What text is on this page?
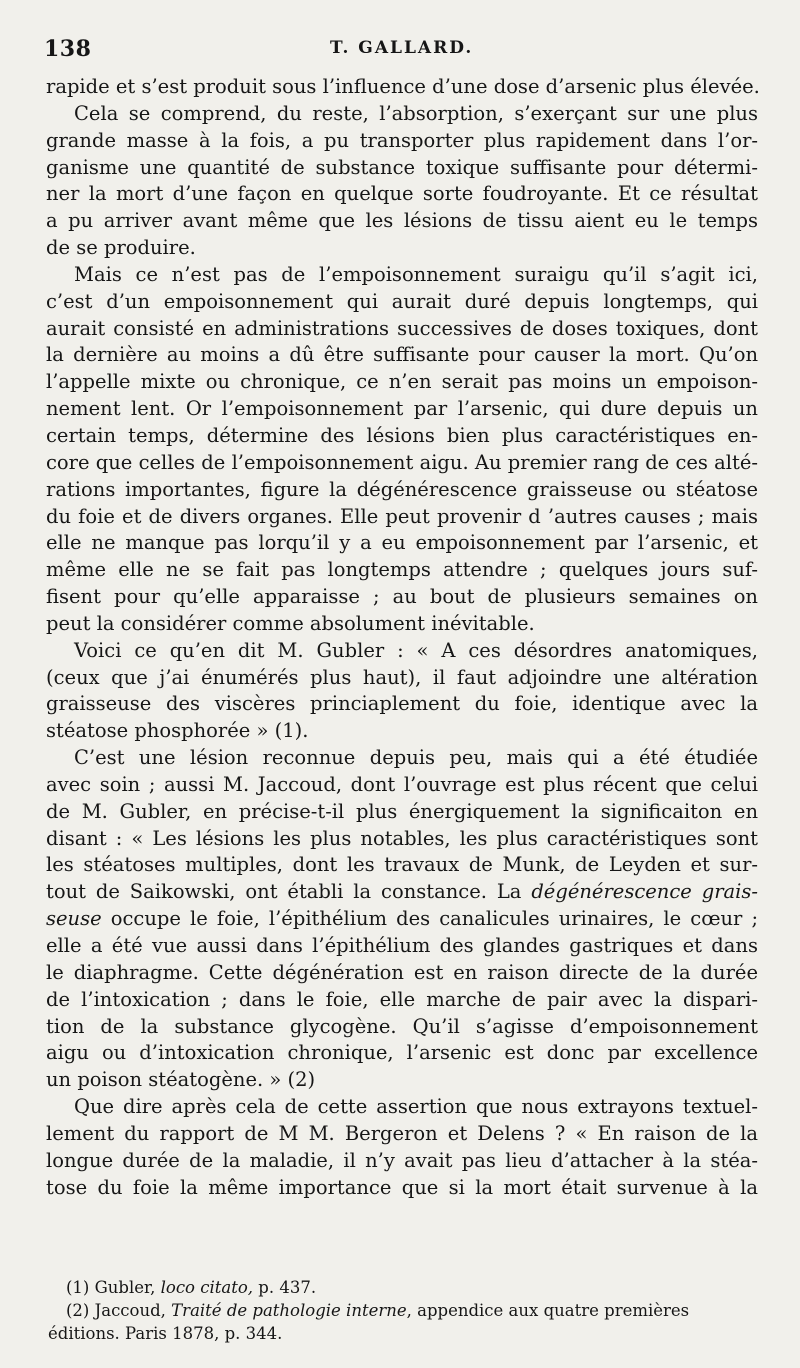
138	T. GALLARD.
rapide et s’est produit sous l’influence d’une dose d’arsenic plus élevée.
Cela se comprend, du reste, l’absorption, s’exerçant sur une plus
grande masse à la fois, a pu transporter plus rapidement dans l’or-
ganisme une quantité de substance toxique suffisante pour détermi-
ner la mort d’une façon en quelque sorte foudroyante. Et ce résultat
a pu arriver avant même que les lésions de tissu aient eu le temps
de se produire.
Mais ce n’est pas de l’empoisonnement suraigu qu’il s’agit ici,
c’est d’un empoisonnement qui aurait duré depuis longtemps, qui
aurait consisté en administrations successives de doses toxiques, dont
la dernière au moins a dû être suffisante pour causer la mort. Qu’on
l’appelle mixte ou chronique, ce n’en serait pas moins un empoison-
nement lent. Or l’empoisonnement par l’arsenic, qui dure depuis un
certain temps, détermine des lésions bien plus caractéristiques en-
core que celles de l’empoisonnement aigu. Au premier rang de ces alté-
rations importantes, figure la dégénérescence graisseuse ou stéatose
du foie et de divers organes. Elle peut provenir d ’autres causes ; mais
elle ne manque pas lorqu’il y a eu empoisonnement par l’arsenic, et
même elle ne se fait pas longtemps attendre ; quelques jours suf-
fisent pour qu’elle apparaisse ; au bout de plusieurs semaines on
peut la considérer comme absolument inévitable.
Voici ce qu’en dit M. Gubler : « A ces désordres anatomiques,
(ceux que j’ai énumérés plus haut), il faut adjoindre une altération
graisseuse des viscères princiaplement du foie, identique avec la
stéatose phosphorée » (1).
C’est une lésion reconnue depuis peu, mais qui a été étudiée
avec soin ; aussi M. Jaccoud, dont l’ouvrage est plus récent que celui
de M. Gubler, en précise-t-il plus énergiquement la significaiton en
disant : « Les lésions les plus notables, les plus caractéristiques sont
les stéatoses multiples, dont les travaux de Munk, de Leyden et sur-
tout de Saikowski, ont établi la constance. La dégénérescence grais-
seuse occupe le foie, l’épithélium des canalicules urinaires, le cœur ;
elle a été vue aussi dans l’épithélium des glandes gastriques et dans
le diaphragme. Cette dégénération est en raison directe de la durée
de l’intoxication ; dans le foie, elle marche de pair avec la dispari-
tion de la substance glycogène. Qu’il s’agisse d’empoisonnement
aigu ou d’intoxication chronique, l’arsenic est donc par excellence
un poison stéatogène. » (2)
Que dire après cela de cette assertion que nous extrayons textuel-
lement du rapport de M M. Bergeron et Delens ? « En raison de la
longue durée de la maladie, il n’y avait pas lieu d’attacher à la stéa-
tose du foie la même importance que si la mort était survenue à la
(1) Gubler, loco citato, p. 437.
(2) Jaccoud, Traité de pathologie interne, appendice aux quatre premières
éditions. Paris 1878, p. 344.
